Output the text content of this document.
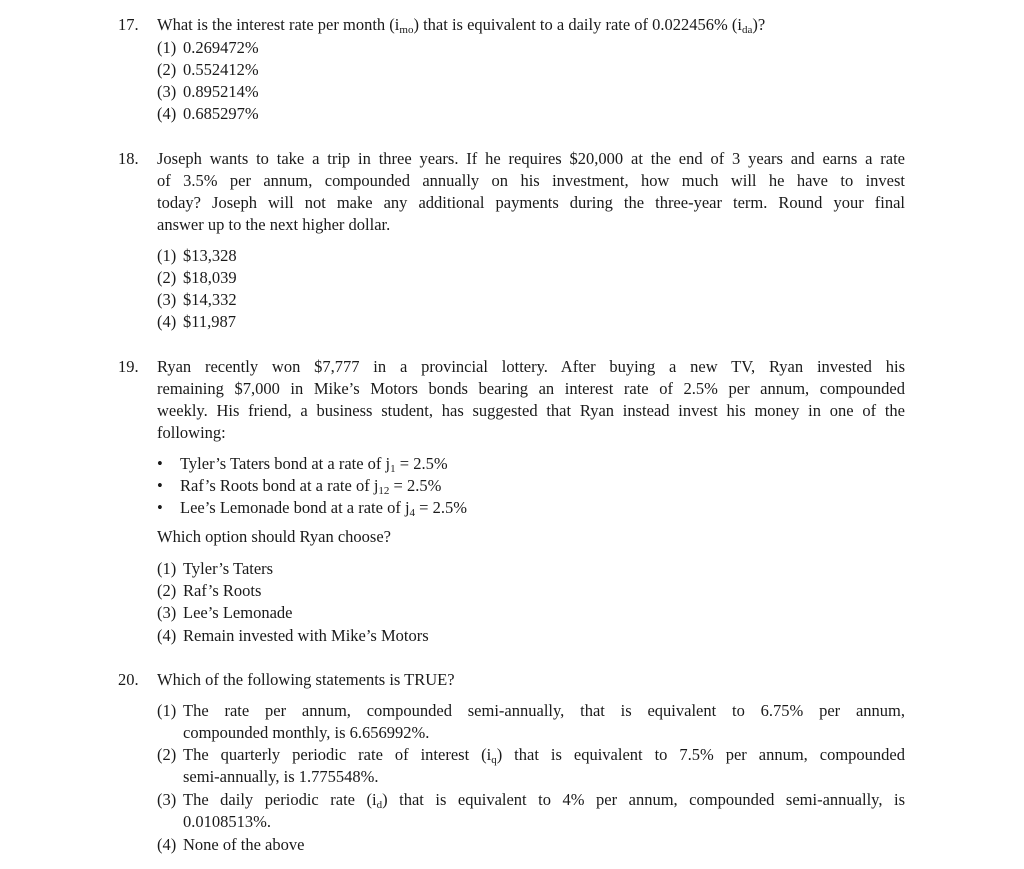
17. What is the interest rate per month $(i_{mo})$ that is equivalent to a daily rate of 0.022456% $(i_{da})$?
(1) 0.269472%
(2) 0.552412%
(3) 0.895214%
(4) 0.685297%
18. Joseph wants to take a trip in three years. If he requires $20,000 at the end of 3 years and earns a rate
of 3.5% per annum, compounded annually on his investment, how much will he have to invest
today? Joseph will not make any additional payments during the three-year term. Round your final
answer up to the next higher dollar.
(1) $13,328
(2) $18,039
(3) $14,332
(4) $11,987
19. Ryan recently won $7,777 in a provincial lottery. After buying a new TV, Ryan invested his
remaining $7,000 in Mike’s Motors bonds bearing an interest rate of 2.5% per annum, compounded
weekly. His friend, a business student, has suggested that Ryan instead invest his money in one of the
following:
• Tyler’s Taters bond at a rate of $j_1 = 2.5\%$
• Raf’s Roots bond at a rate of $j_{12} = 2.5\%$
• Lee’s Lemonade bond at a rate of $j_4 = 2.5\%$
Which option should Ryan choose?
(1) Tyler’s Taters
(2) Raf’s Roots
(3) Lee’s Lemonade
(4) Remain invested with Mike’s Motors
20. Which of the following statements is TRUE?
(1) The rate per annum, compounded semi-annually, that is equivalent to 6.75% per annum,
compounded monthly, is 6.656992%.
(2) The quarterly periodic rate of interest $(i_q)$ that is equivalent to 7.5% per annum, compounded
semi-annually, is 1.775548%.
(3) The daily periodic rate $(i_d)$ that is equivalent to 4% per annum, compounded semi-annually, is
0.0108513%.
(4) None of the above
